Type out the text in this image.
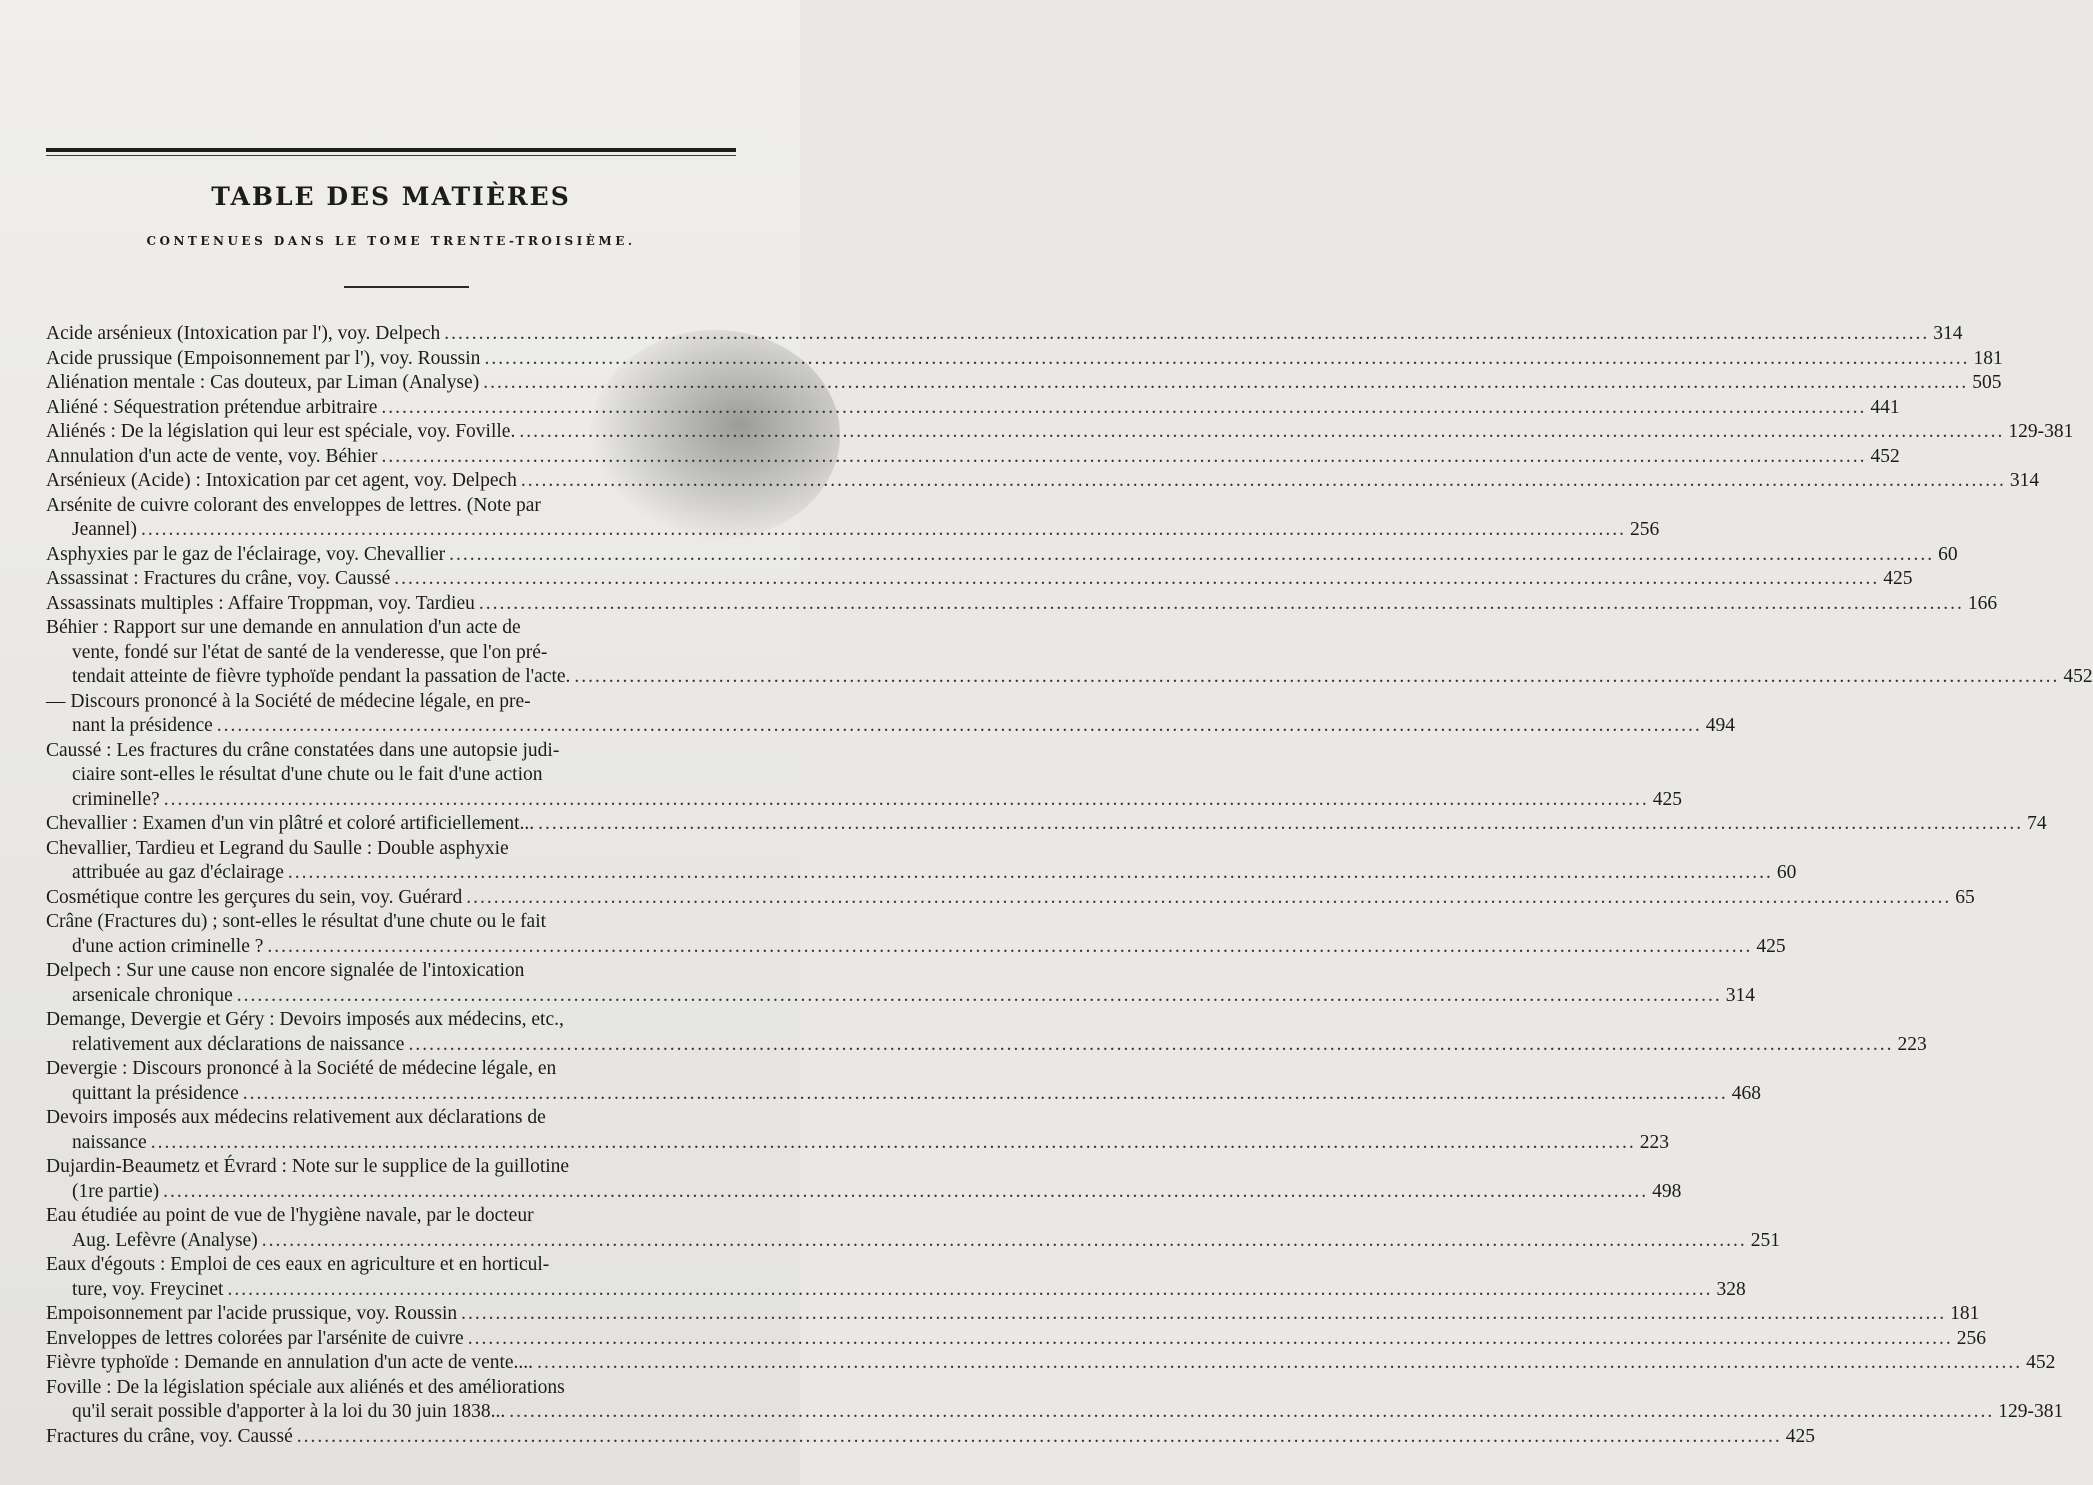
TABLE DES MATIÈRES
CONTENUES DANS LE TOME TRENTE-TROISIÈME.
Acide arsénieux (Intoxication par l'), voy. Delpech .....	314
Acide prussique (Empoisonnement par l'), voy. Roussin .....	181
Aliénation mentale : Cas douteux, par Liman (Analyse) .....	505
Aliéné : Séquestration prétendue arbitraire .....	441
Aliénés : De la législation qui leur est spéciale, voy. Foville. .....	129-381
Annulation d'un acte de vente, voy. Béhier .....	452
Arsénieux (Acide) : Intoxication par cet agent, voy. Delpech .....	314
Arsénite de cuivre colorant des enveloppes de lettres. (Note par
Jeannel) .....	256
Asphyxies par le gaz de l'éclairage, voy. Chevallier .....	60
Assassinat : Fractures du crâne, voy. Caussé .....	425
Assassinats multiples : Affaire Troppman, voy. Tardieu .....	166
Béhier : Rapport sur une demande en annulation d'un acte de
vente, fondé sur l'état de santé de la venderesse, que l'on pré-
tendait atteinte de fièvre typhoïde pendant la passation de l'acte. .....	452
— Discours prononcé à la Société de médecine légale, en pre-
nant la présidence .....	494
Caussé : Les fractures du crâne constatées dans une autopsie judi-
ciaire sont-elles le résultat d'une chute ou le fait d'une action
criminelle? .....	425
Chevallier : Examen d'un vin plâtré et coloré artificiellement... .....	74
Chevallier, Tardieu et Legrand du Saulle : Double asphyxie
attribuée au gaz d'éclairage .....	60
Cosmétique contre les gerçures du sein, voy. Guérard .....	65
Crâne (Fractures du) ; sont-elles le résultat d'une chute ou le fait
d'une action criminelle ? .....	425
Delpech : Sur une cause non encore signalée de l'intoxication
arsenicale chronique .....	314
Demange, Devergie et Géry : Devoirs imposés aux médecins, etc.,
relativement aux déclarations de naissance .....	223
Devergie : Discours prononcé à la Société de médecine légale, en
quittant la présidence .....	468
Devoirs imposés aux médecins relativement aux déclarations de
naissance .....	223
Dujardin-Beaumetz et Évrard : Note sur le supplice de la guillotine
(1re partie) .....	498
Eau étudiée au point de vue de l'hygiène navale, par le docteur
Aug. Lefèvre (Analyse) .....	251
Eaux d'égouts : Emploi de ces eaux en agriculture et en horticul-
ture, voy. Freycinet .....	328
Empoisonnement par l'acide prussique, voy. Roussin .....	181
Enveloppes de lettres colorées par l'arsénite de cuivre .....	256
Fièvre typhoïde : Demande en annulation d'un acte de vente.... .....	452
Foville : De la législation spéciale aux aliénés et des améliorations
qu'il serait possible d'apporter à la loi du 30 juin 1838... .....	129-381
Fractures du crâne, voy. Caussé .....	425
